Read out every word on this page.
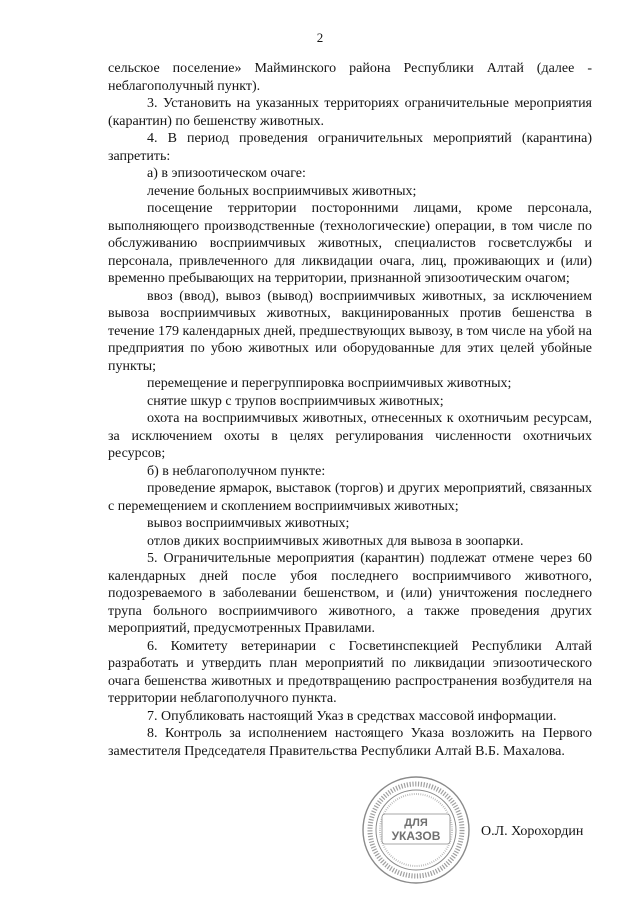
2

сельское поселение» Майминского района Республики Алтай (далее - неблагополучный пункт).

3. Установить на указанных территориях ограничительные мероприятия (карантин) по бешенству животных.

4. В период проведения ограничительных мероприятий (карантина) запретить:

а) в эпизоотическом очаге:

лечение больных восприимчивых животных;

посещение территории посторонними лицами, кроме персонала, выполняющего производственные (технологические) операции, в том числе по обслуживанию восприимчивых животных, специалистов госветслужбы и персонала, привлеченного для ликвидации очага, лиц, проживающих и (или) временно пребывающих на территории, признанной эпизоотическим очагом;

ввоз (ввод), вывоз (вывод) восприимчивых животных, за исключением вывоза восприимчивых животных, вакцинированных против бешенства в течение 179 календарных дней, предшествующих вывозу, в том числе на убой на предприятия по убою животных или оборудованные для этих целей убойные пункты;

перемещение и перегруппировка восприимчивых животных;

снятие шкур с трупов восприимчивых животных;

охота на восприимчивых животных, отнесенных к охотничьим ресурсам, за исключением охоты в целях регулирования численности охотничьих ресурсов;

б) в неблагополучном пункте:

проведение ярмарок, выставок (торгов) и других мероприятий, связанных с перемещением и скоплением восприимчивых животных;

вывоз восприимчивых животных;

отлов диких восприимчивых животных для вывоза в зоопарки.

5. Ограничительные мероприятия (карантин) подлежат отмене через 60 календарных дней после убоя последнего восприимчивого животного, подозреваемого в заболевании бешенством, и (или) уничтожения последнего трупа больного восприимчивого животного, а также проведения других мероприятий, предусмотренных Правилами.

6. Комитету ветеринарии с Госветинспекцией Республики Алтай разработать и утвердить план мероприятий по ликвидации эпизоотического очага бешенства животных и предотвращению распространения возбудителя на территории неблагополучного пункта.

7. Опубликовать настоящий Указ в средствах массовой информации.

8. Контроль за исполнением настоящего Указа возложить на Первого заместителя Председателя Правительства Республики Алтай В.Б. Махалова.

ДЛЯ
УКАЗОВ	О.Л. Хорохордин
